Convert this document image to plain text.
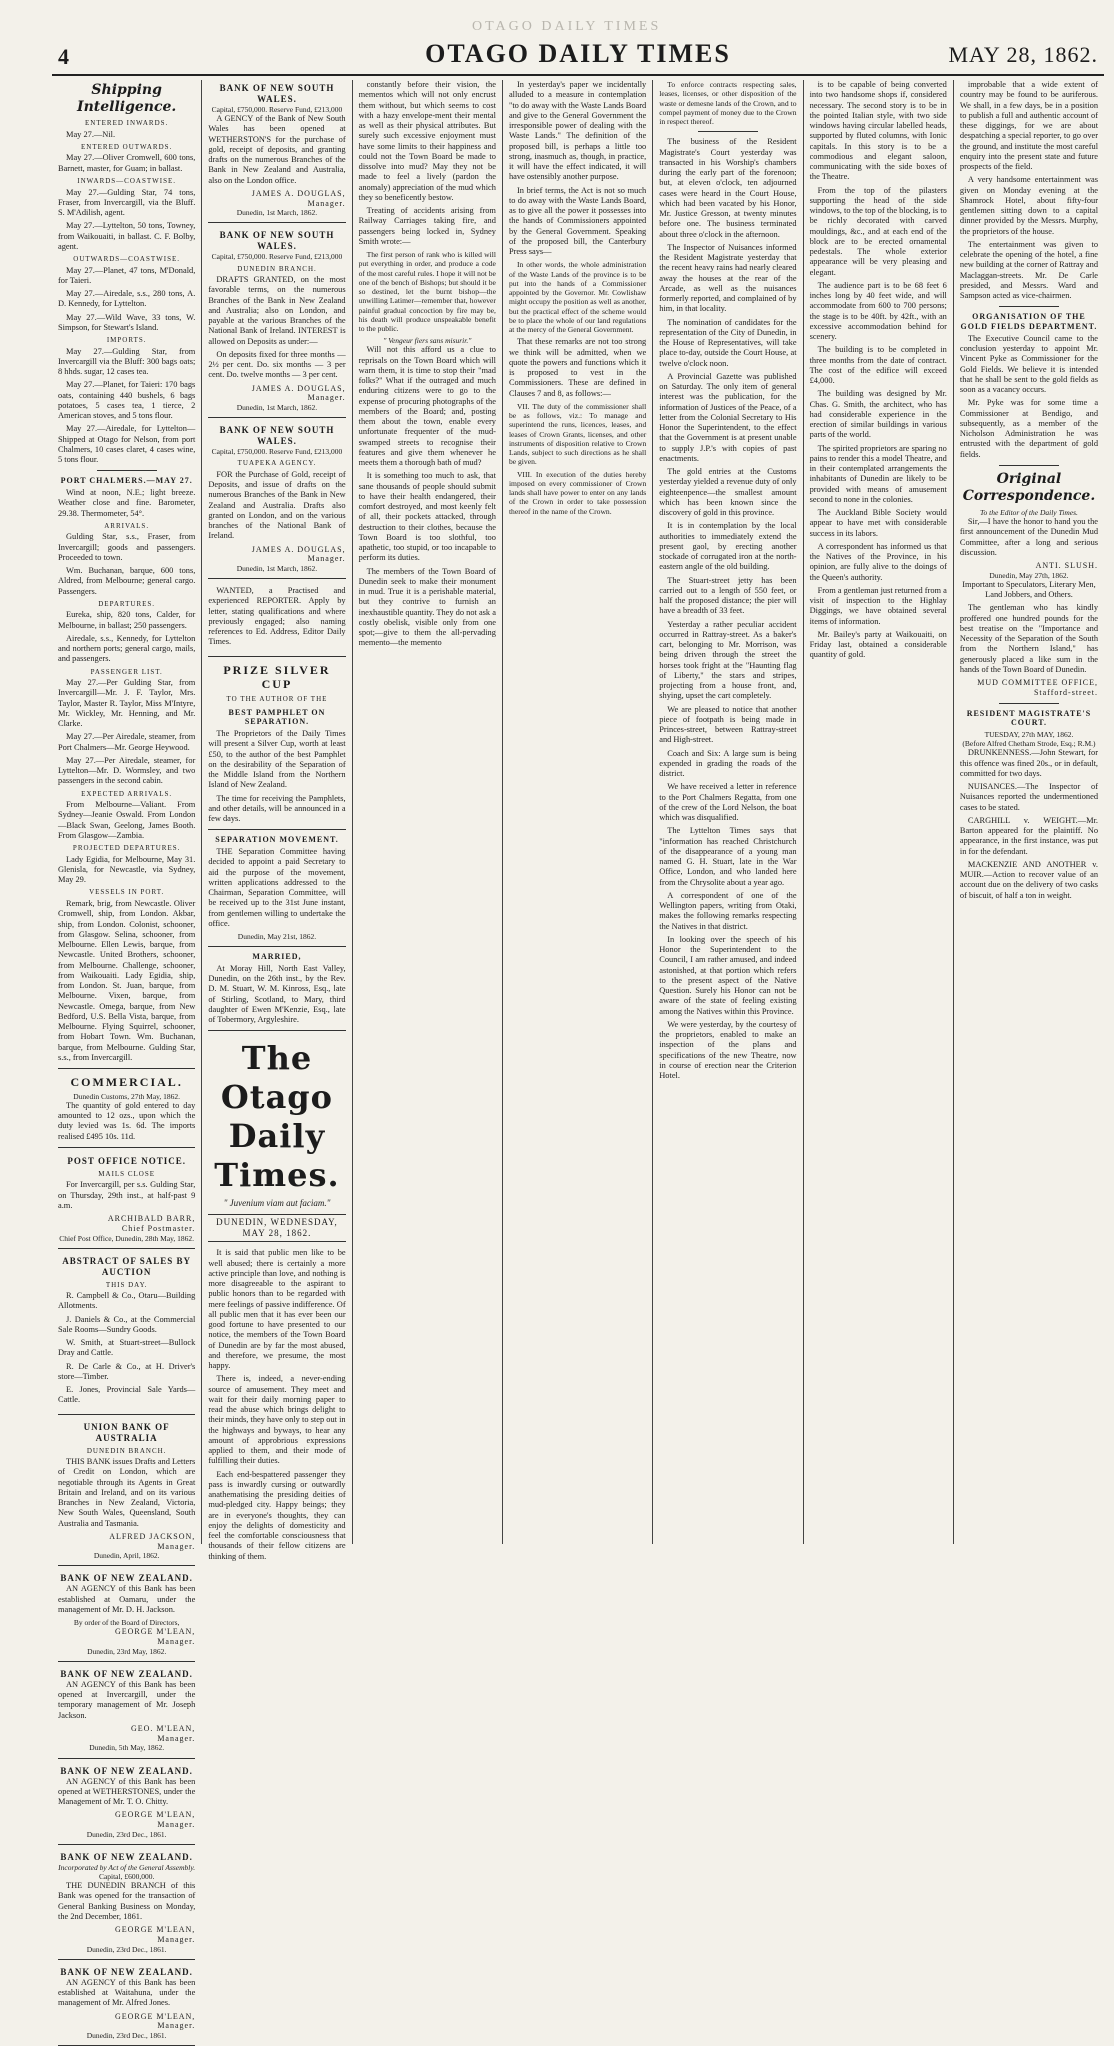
OTAGO DAILY TIMES
4	OTAGO DAILY TIMES	MAY 28, 1862.
Shipping Intelligence.
ENTERED INWARDS.

May 27.—Nil.

ENTERED OUTWARDS.

May 27.—Oliver Cromwell, 600 tons, Barnett, master, for Guam; in ballast.

INWARDS—COASTWISE.

May 27.—Gulding Star, 74 tons, Fraser, from Invercargill, via the Bluff. S. M'Adilish, agent.

May 27.—Lyttelton, 50 tons, Towney, from Waikouaiti, in ballast. C. F. Bolby, agent.

OUTWARDS—COASTWISE.

May 27.—Planet, 47 tons, M'Donald, for Taieri.

May 27.—Airedale, s.s., 280 tons, A. D. Kennedy, for Lyttelton.

May 27.—Wild Wave, 33 tons, W. Simpson, for Stewart's Island.

IMPORTS.

May 27.—Gulding Star, from Invercargill via the Bluff: 300 bags oats; 8 hhds. sugar, 12 cases tea.

May 27.—Planet, for Taieri: 170 bags oats, containing 440 bushels, 6 bags potatoes, 5 cases tea, 1 tierce, 2 American stoves, and 5 tons flour.

May 27.—Airedale, for Lyttelton—Shipped at Otago for Nelson, from port Chalmers, 10 cases claret, 4 cases wine, 5 tons flour.

PORT CHALMERS.—MAY 27.

Wind at noon, N.E.; light breeze. Weather close and fine. Barometer, 29.38. Thermometer, 54°.

ARRIVALS.

Gulding Star, s.s., Fraser, from Invercargill; goods and passengers. Proceeded to town.

Wm. Buchanan, barque, 600 tons, Aldred, from Melbourne; general cargo. Passengers.

DEPARTURES.

Eureka, ship, 820 tons, Calder, for Melbourne, in ballast; 250 passengers.

Airedale, s.s., Kennedy, for Lyttelton and northern ports; general cargo, mails, and passengers.

PASSENGER LIST.

May 27.—Per Gulding Star, from Invercargill—Mr. J. F. Taylor, Mrs. Taylor, Master R. Taylor, Miss M'Intyre, Mr. Wickley, Mr. Henning, and Mr. Clarke.

May 27.—Per Airedale, steamer, from Port Chalmers—Mr. George Heywood.

May 27.—Per Airedale, steamer, for Lyttelton—Mr. D. Wormsley, and two passengers in the second cabin.

EXPECTED ARRIVALS.

From Melbourne—Valiant. From Sydney—Jeanie Oswald. From London—Black Swan, Geelong, James Booth. From Glasgow—Zambia.

PROJECTED DEPARTURES.

Lady Egidia, for Melbourne, May 31. Glenisla, for Newcastle, via Sydney, May 29.

VESSELS IN PORT.

Remark, brig, from Newcastle. Oliver Cromwell, ship, from London. Akbar, ship, from London. Colonist, schooner, from Glasgow. Selina, schooner, from Melbourne. Ellen Lewis, barque, from Newcastle. United Brothers, schooner, from Melbourne. Challenge, schooner, from Waikouaiti. Lady Egidia, ship, from London. St. Juan, barque, from Melbourne. Vixen, barque, from Newcastle. Omega, barque, from New Bedford, U.S. Bella Vista, barque, from Melbourne. Flying Squirrel, schooner, from Hobart Town. Wm. Buchanan, barque, from Melbourne. Gulding Star, s.s., from Invercargill.

COMMERCIAL.
Dunedin Customs, 27th May, 1862.

The quantity of gold entered to day amounted to 12 ozs., upon which the duty levied was 1s. 6d. The imports realised £495 10s. 11d.

POST OFFICE NOTICE.
MAILS CLOSE

For Invercargill, per s.s. Gulding Star, on Thursday, 29th inst., at half-past 9 a.m.

ARCHIBALD BARR,
Chief Postmaster.
Chief Post Office, Dunedin, 28th May, 1862.
ABSTRACT OF SALES BY AUCTION
THIS DAY.

R. Campbell & Co., Otaru—Building Allotments.

J. Daniels & Co., at the Commercial Sale Rooms—Sundry Goods.

W. Smith, at Stuart-street—Bullock Dray and Cattle.

R. De Carle & Co., at H. Driver's store—Timber.

E. Jones, Provincial Sale Yards—Cattle.

UNION BANK OF AUSTRALIA
DUNEDIN BRANCH.

THIS BANK issues Drafts and Letters of Credit on London, which are negotiable through its Agents in Great Britain and Ireland, and on its various Branches in New Zealand, Victoria, New South Wales, Queensland, South Australia and Tasmania.

ALFRED JACKSON,
Manager.
Dunedin, April, 1862.
BANK OF NEW ZEALAND.

AN AGENCY of this Bank has been established at Oamaru, under the management of Mr. D. H. Jackson.

By order of the Board of Directors,
GEORGE M'LEAN,
Manager.
Dunedin, 23rd May, 1862.
BANK OF NEW ZEALAND.

AN AGENCY of this Bank has been opened at Invercargill, under the temporary management of Mr. Joseph Jackson.

GEO. M'LEAN,
Manager.
Dunedin, 5th May, 1862.
BANK OF NEW ZEALAND.

AN AGENCY of this Bank has been opened at WETHERSTONES, under the Management of Mr. T. O. Chitty.

GEORGE M'LEAN,
Manager.
Dunedin, 23rd Dec., 1861.
BANK OF NEW ZEALAND.
Incorporated by Act of the General Assembly.
Capital, £600,000.

THE DUNEDIN BRANCH of this Bank was opened for the transaction of General Banking Business on Monday, the 2nd December, 1861.

GEORGE M'LEAN,
Manager.
Dunedin, 23rd Dec., 1861.
BANK OF NEW ZEALAND.

AN AGENCY of this Bank has been established at Waitahuna, under the management of Mr. Alfred Jones.

GEORGE M'LEAN,
Manager.
Dunedin, 23rd Dec., 1861.
BANK OF NEW SOUTH WALES.
Capital, £750,000. Reserve Fund, £213,000

A GENCY of the Bank of New South Wales has been opened at WETHERSTON'S for the purchase of gold, receipt of deposits, and granting drafts on the numerous Branches of the Bank in New Zealand and Australia, also on the London office.

JAMES A. DOUGLAS,
Manager.
Dunedin, 1st March, 1862.
BANK OF NEW SOUTH WALES.
Capital, £750,000. Reserve Fund, £213,000
DUNEDIN BRANCH.

DRAFTS GRANTED, on the most favorable terms, on the numerous Branches of the Bank in New Zealand and Australia; also on London, and payable at the various Branches of the National Bank of Ireland. INTEREST is allowed on Deposits as under:—

On deposits fixed for three months — 2½ per cent. Do. six months — 3 per cent. Do. twelve months — 3 per cent.

JAMES A. DOUGLAS,
Manager.
Dunedin, 1st March, 1862.
BANK OF NEW SOUTH WALES.
Capital, £750,000. Reserve Fund, £213,000
TUAPEKA AGENCY.

FOR the Purchase of Gold, receipt of Deposits, and issue of drafts on the numerous Branches of the Bank in New Zealand and Australia. Drafts also granted on London, and on the various branches of the National Bank of Ireland.

JAMES A. DOUGLAS,
Manager.
Dunedin, 1st March, 1862.

WANTED, a Practised and experienced REPORTER. Apply by letter, stating qualifications and where previously engaged; also naming references to Ed. Address, Editor Daily Times.

PRIZE SILVER CUP
TO THE AUTHOR OF THE
BEST PAMPHLET ON SEPARATION.

The Proprietors of the Daily Times will present a Silver Cup, worth at least £50, to the author of the best Pamphlet on the desirability of the Separation of the Middle Island from the Northern Island of New Zealand.

The time for receiving the Pamphlets, and other details, will be announced in a few days.

SEPARATION MOVEMENT.

THE Separation Committee having decided to appoint a paid Secretary to aid the purpose of the movement, written applications addressed to the Chairman, Separation Committee, will be received up to the 31st June instant, from gentlemen willing to undertake the office.

Dunedin, May 21st, 1862.
MARRIED,

At Moray Hill, North East Valley, Dunedin, on the 26th inst., by the Rev. D. M. Stuart, W. M. Kinross, Esq., late of Stirling, Scotland, to Mary, third daughter of Ewen M'Kenzie, Esq., late of Tobermory, Argyleshire.

The Otago Daily Times.
" Juvenium viam aut faciam."
DUNEDIN, WEDNESDAY, MAY 28, 1862.

It is said that public men like to be well abused; there is certainly a more active principle than love, and nothing is more disagreeable to the aspirant to public honors than to be regarded with mere feelings of passive indifference. Of all public men that it has ever been our good fortune to have presented to our notice, the members of the Town Board of Dunedin are by far the most abused, and therefore, we presume, the most happy.

There is, indeed, a never-ending source of amusement. They meet and wait for their daily morning paper to read the abuse which brings delight to their minds, they have only to step out in the highways and byways, to hear any amount of approbrious expressions applied to them, and their mode of fulfilling their duties.

Each end-bespattered passenger they pass is inwardly cursing or outwardly anathematising the presiding deities of mud-pledged city. Happy beings; they are in everyone's thoughts, they can enjoy the delights of domesticity and feel the comfortable consciousness that thousands of their fellow citizens are thinking of them.

constantly before their vision, the mementos which will not only encrust them without, but which seems to cost with a hazy envelope-ment their mental as well as their physical attributes. But surely such excessive enjoyment must have some limits to their happiness and could not the Town Board be made to dissolve into mud? May they not be made to feel a lively (pardon the anomaly) appreciation of the mud which they so beneficently bestow.

Treating of accidents arising from Railway Carriages taking fire, and passengers being locked in, Sydney Smith wrote:—

The first person of rank who is killed will put everything in order, and produce a code of the most careful rules. I hope it will not be one of the bench of Bishops; but should it be so destined, let the burnt bishop—the unwilling Latimer—remember that, however painful gradual concoction by fire may be, his death will produce unspeakable benefit to the public.

" Vengeur fiers sans misurir."

Will not this afford us a clue to reprisals on the Town Board which will warn them, it is time to stop their "mad folks?" What if the outraged and much enduring citizens were to go to the expense of procuring photographs of the members of the Board; and, posting them about the town, enable every unfortunate frequenter of the mud-swamped streets to recognise their features and give them whenever he meets them a thorough bath of mud?

It is something too much to ask, that sane thousands of people should submit to have their health endangered, their comfort destroyed, and most keenly felt of all, their pockets attacked, through destruction to their clothes, because the Town Board is too slothful, too apathetic, too stupid, or too incapable to perform its duties.

The members of the Town Board of Dunedin seek to make their monument in mud. True it is a perishable material, but they contrive to furnish an inexhaustible quantity. They do not ask a costly obelisk, visible only from one spot;—give to them the all-pervading memento—the memento

In yesterday's paper we incidentally alluded to a measure in contemplation "to do away with the Waste Lands Board and give to the General Government the irresponsible power of dealing with the Waste Lands." The definition of the proposed bill, is perhaps a little too strong, inasmuch as, though, in practice, it will have the effect indicated, it will have ostensibly another purpose.

In brief terms, the Act is not so much to do away with the Waste Lands Board, as to give all the power it possesses into the hands of Commissioners appointed by the General Government. Speaking of the proposed bill, the Canterbury Press says—

In other words, the whole administration of the Waste Lands of the province is to be put into the hands of a Commissioner appointed by the Governor. Mr. Cowlishaw might occupy the position as well as another, but the practical effect of the scheme would be to place the whole of our land regulations at the mercy of the General Government.

That these remarks are not too strong we think will be admitted, when we quote the powers and functions which it is proposed to vest in the Commissioners. These are defined in Clauses 7 and 8, as follows:—

VII. The duty of the commissioner shall be as follows, viz.: To manage and superintend the runs, licences, leases, and leases of Crown Grants, licenses, and other instruments of disposition relative to Crown Lands, subject to such directions as he shall be given.

VIII. In execution of the duties hereby imposed on every commissioner of Crown lands shall have power to enter on any lands of the Crown in order to take possession thereof in the name of the Crown.

To enforce contracts respecting sales, leases, licenses, or other disposition of the waste or demesne lands of the Crown, and to compel payment of money due to the Crown in respect thereof.

The business of the Resident Magistrate's Court yesterday was transacted in his Worship's chambers during the early part of the forenoon; but, at eleven o'clock, ten adjourned cases were heard in the Court House, which had been vacated by his Honor, Mr. Justice Gresson, at twenty minutes before one. The business terminated about three o'clock in the afternoon.

The Inspector of Nuisances informed the Resident Magistrate yesterday that the recent heavy rains had nearly cleared away the houses at the rear of the Arcade, as well as the nuisances formerly reported, and complained of by him, in that locality.

The nomination of candidates for the representation of the City of Dunedin, in the House of Representatives, will take place to-day, outside the Court House, at twelve o'clock noon.

A Provincial Gazette was published on Saturday. The only item of general interest was the publication, for the information of Justices of the Peace, of a letter from the Colonial Secretary to His Honor the Superintendent, to the effect that the Government is at present unable to supply J.P.'s with copies of past enactments.

The gold entries at the Customs yesterday yielded a revenue duty of only eighteenpence—the smallest amount which has been known since the discovery of gold in this province.

It is in contemplation by the local authorities to immediately extend the present gaol, by erecting another stockade of corrugated iron at the north-eastern angle of the old building.

The Stuart-street jetty has been carried out to a length of 550 feet, or half the proposed distance; the pier will have a breadth of 33 feet.

Yesterday a rather peculiar accident occurred in Rattray-street. As a baker's cart, belonging to Mr. Morrison, was being driven through the street the horses took fright at the "Haunting flag of Liberty," the stars and stripes, projecting from a house front, and, shying, upset the cart completely.

We are pleased to notice that another piece of footpath is being made in Princes-street, between Rattray-street and High-street.

Coach and Six: A large sum is being expended in grading the roads of the district.

We have received a letter in reference to the Port Chalmers Regatta, from one of the crew of the Lord Nelson, the boat which was disqualified.

The Lyttelton Times says that "information has reached Christchurch of the disappearance of a young man named G. H. Stuart, late in the War Office, London, and who landed here from the Chrysolite about a year ago.

A correspondent of one of the Wellington papers, writing from Otaki, makes the following remarks respecting the Natives in that district.

In looking over the speech of his Honor the Superintendent to the Council, I am rather amused, and indeed astonished, at that portion which refers to the present aspect of the Native Question. Surely his Honor can not be aware of the state of feeling existing among the Natives within this Province.

We were yesterday, by the courtesy of the proprietors, enabled to make an inspection of the plans and specifications of the new Theatre, now in course of erection near the Criterion Hotel.

is to be capable of being converted into two handsome shops if, considered necessary. The second story is to be in the pointed Italian style, with two side windows having circular labelled heads, supported by fluted columns, with Ionic capitals. In this story is to be a commodious and elegant saloon, communicating with the side boxes of the Theatre.

From the top of the pilasters supporting the head of the side windows, to the top of the blocking, is to be richly decorated with carved mouldings, &c., and at each end of the block are to be erected ornamental pedestals. The whole exterior appearance will be very pleasing and elegant.

The audience part is to be 68 feet 6 inches long by 40 feet wide, and will accommodate from 600 to 700 persons; the stage is to be 40ft. by 42ft., with an excessive accommodation behind for scenery.

The building is to be completed in three months from the date of contract. The cost of the edifice will exceed £4,000.

The building was designed by Mr. Chas. G. Smith, the architect, who has had considerable experience in the erection of similar buildings in various parts of the world.

The spirited proprietors are sparing no pains to render this a model Theatre, and in their contemplated arrangements the inhabitants of Dunedin are likely to be provided with means of amusement second to none in the colonies.

The Auckland Bible Society would appear to have met with considerable success in its labors.

A correspondent has informed us that the Natives of the Province, in his opinion, are fully alive to the doings of the Queen's authority.

From a gentleman just returned from a visit of inspection to the Highlay Diggings, we have obtained several items of information.

Mr. Bailey's party at Waikouaiti, on Friday last, obtained a considerable quantity of gold.

improbable that a wide extent of country may be found to be auriferous. We shall, in a few days, be in a position to publish a full and authentic account of these diggings, for we are about despatching a special reporter, to go over the ground, and institute the most careful enquiry into the present state and future prospects of the field.

A very handsome entertainment was given on Monday evening at the Shamrock Hotel, about fifty-four gentlemen sitting down to a capital dinner provided by the Messrs. Murphy, the proprietors of the house.

The entertainment was given to celebrate the opening of the hotel, a fine new building at the corner of Rattray and Maclaggan-streets. Mr. De Carle presided, and Messrs. Ward and Sampson acted as vice-chairmen.

ORGANISATION OF THE GOLD FIELDS DEPARTMENT.

The Executive Council came to the conclusion yesterday to appoint Mr. Vincent Pyke as Commissioner for the Gold Fields. We believe it is intended that he shall be sent to the gold fields as soon as a vacancy occurs.

Mr. Pyke was for some time a Commissioner at Bendigo, and subsequently, as a member of the Nicholson Administration he was entrusted with the department of gold fields.

Original Correspondence.
To the Editor of the Daily Times.

Sir,—I have the honor to hand you the first announcement of the Dunedin Mud Committee, after a long and serious discussion.

ANTI. SLUSH.
Dunedin, May 27th, 1862.

Important to Speculators, Literary Men, Land Jobbers, and Others.

The gentleman who has kindly proffered one hundred pounds for the best treatise on the "Importance and Necessity of the Separation of the South from the Northern Island," has generously placed a like sum in the hands of the Town Board of Dunedin.

MUD COMMITTEE OFFICE,
Stafford-street.
RESIDENT MAGISTRATE'S COURT.
TUESDAY, 27th MAY, 1862.
(Before Alfred Chetham Strode, Esq.; R.M.)

DRUNKENNESS.—John Stewart, for this offence was fined 20s., or in default, committed for two days.

NUISANCES.—The Inspector of Nuisances reported the undermentioned cases to be stated.

CARGHILL v. WEIGHT.—Mr. Barton appeared for the plaintiff. No appearance, in the first instance, was put in for the defendant.

MACKENZIE AND ANOTHER v. MUIR.—Action to recover value of an account due on the delivery of two casks of biscuit, of half a ton in weight.
